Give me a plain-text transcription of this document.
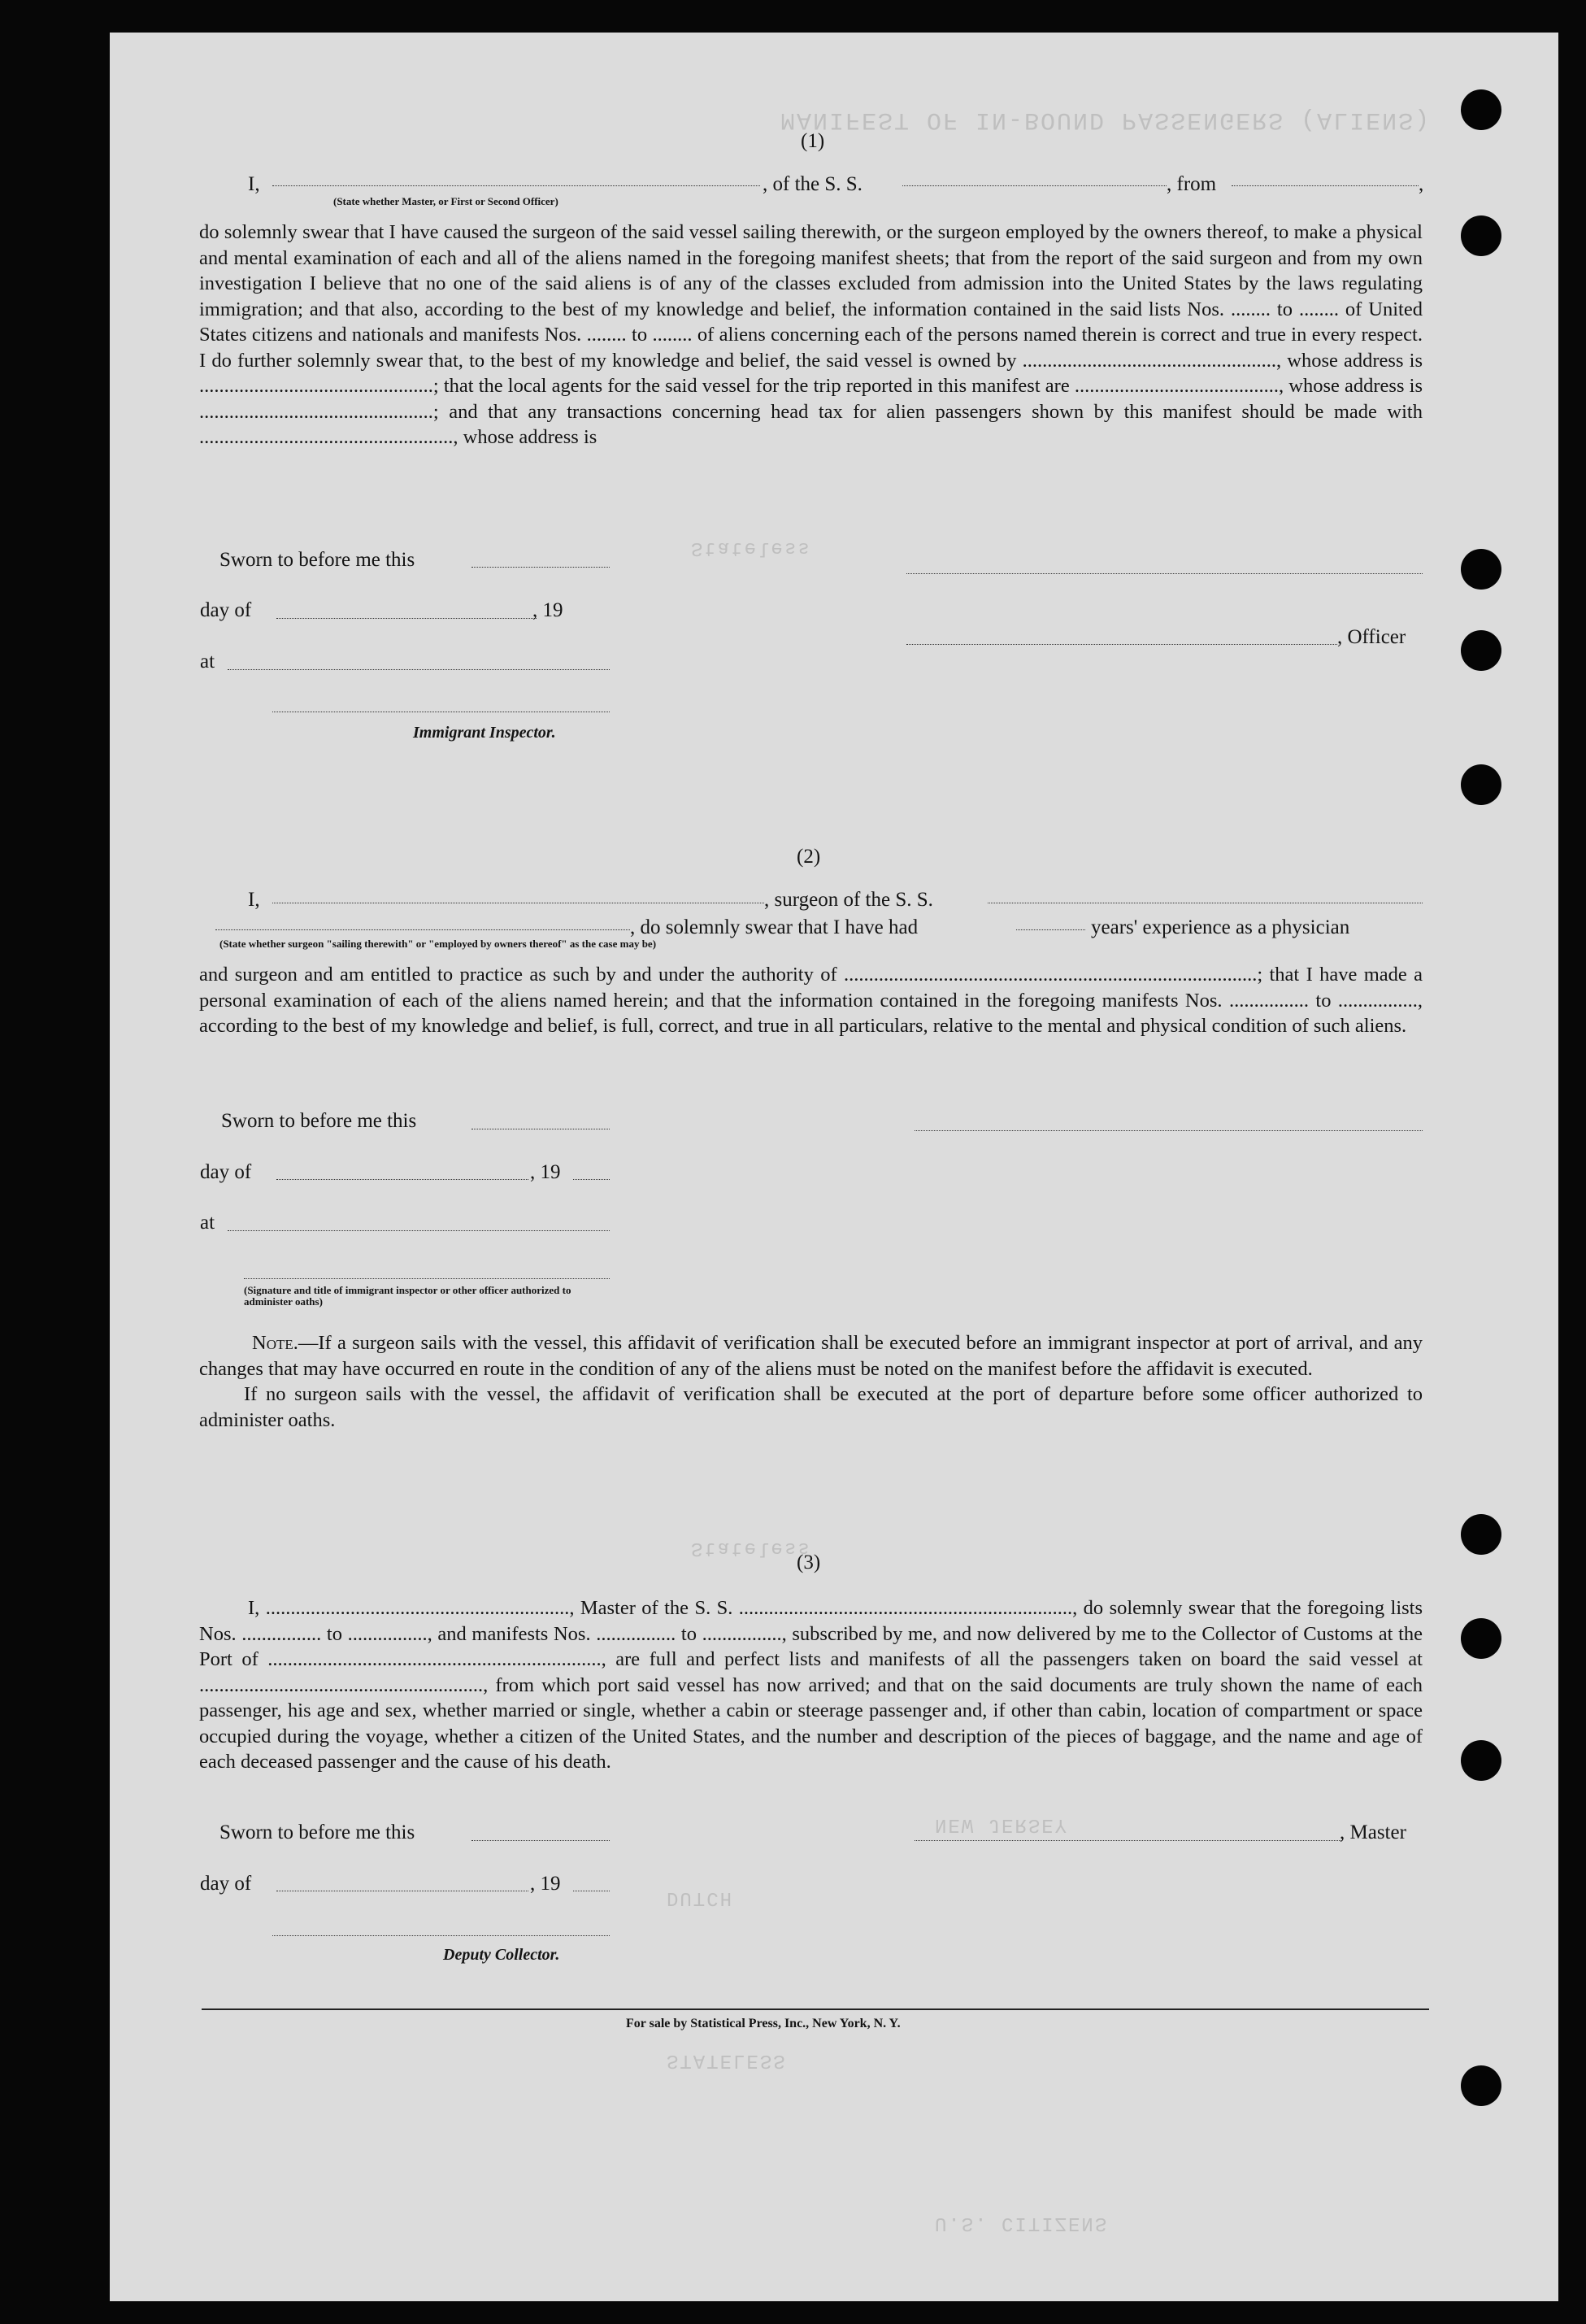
MANIFEST OF IN-BOUND PASSENGERS (ALIENS)
Stateless
NEW JERSEY
U.S. CITIZENS
Stateless
DUTCH
STATELESS
(1)
I,
(State whether Master, or First or Second Officer)
, of the S. S.	, from	,

do solemnly swear that I have caused the surgeon of the said vessel sailing therewith, or the surgeon employed by the owners thereof, to make a physical and mental examination of each and all of the aliens named in the foregoing manifest sheets; that from the report of the said surgeon and from my own investigation I believe that no one of the said aliens is of any of the classes excluded from admission into the United States by the laws regulating immigration; and that also, according to the best of my knowledge and belief, the information contained in the said lists Nos. ........ to ........ of United States citizens and nationals and manifests Nos. ........ to ........ of aliens concerning each of the persons named therein is correct and true in every respect. I do further solemnly swear that, to the best of my knowledge and belief, the said vessel is owned by ..................................................., whose address is ...............................................; that the local agents for the said vessel for the trip reported in this manifest are ........................................., whose address is ...............................................; and that any transactions concerning head tax for alien passengers shown by this manifest should be made with ..................................................., whose address is

Sworn to before me this
day of	, 19
, Officer
at
Immigrant Inspector.
(2)
I,	, surgeon of the S. S.
, do solemnly swear that I have had	years' experience as a physician
(State whether surgeon "sailing therewith" or "employed by owners thereof" as the case may be)

and surgeon and am entitled to practice as such by and under the authority of ...................................................................................; that I have made a personal examination of each of the aliens named herein; and that the information contained in the foregoing manifests Nos. ................ to ................, according to the best of my knowledge and belief, is full, correct, and true in all particulars, relative to the mental and physical condition of such aliens.

Sworn to before me this
day of	, 19
at
(Signature and title of immigrant inspector or other officer authorized to administer oaths)

Note.—If a surgeon sails with the vessel, this affidavit of verification shall be executed before an immigrant inspector at port of arrival, and any changes that may have occurred en route in the condition of any of the aliens must be noted on the manifest before the affidavit is executed.

If no surgeon sails with the vessel, the affidavit of verification shall be executed at the port of departure before some officer authorized to administer oaths.

(3)

I, ............................................................., Master of the S. S. ..................................................................., do solemnly swear that the foregoing lists Nos. ................ to ................, and manifests Nos. ................ to ................, subscribed by me, and now delivered by me to the Collector of Customs at the Port of ..................................................................., are full and perfect lists and manifests of all the passengers taken on board the said vessel at ........................................................., from which port said vessel has now arrived; and that on the said documents are truly shown the name of each passenger, his age and sex, whether married or single, whether a cabin or steerage passenger and, if other than cabin, location of compartment or space occupied during the voyage, whether a citizen of the United States, and the number and description of the pieces of baggage, and the name and age of each deceased passenger and the cause of his death.

Sworn to before me this	, Master
day of	, 19
Deputy Collector.
For sale by Statistical Press, Inc., New York, N. Y.
